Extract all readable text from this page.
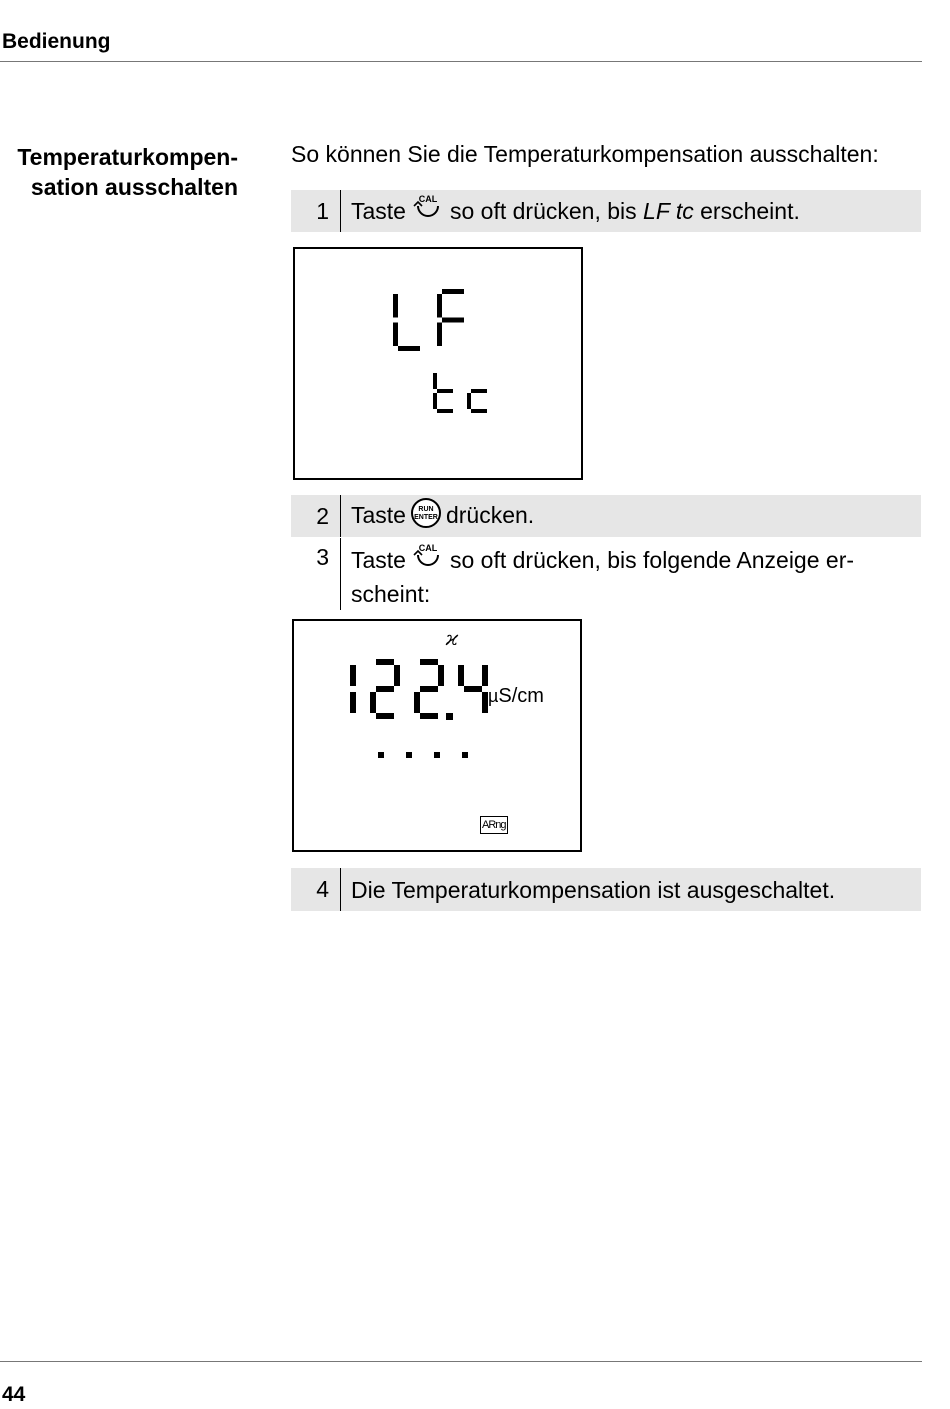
Bedienung
Temperaturkompen-
sation ausschalten
So können Sie die Temperaturkompensation ausschalten:
1 Taste CAL so oft drücken, bis LF tc erscheint.
2 Taste RUN
ENTER drücken.
3 Taste CAL so oft drücken, bis folgende Anzeige er-
scheint:
ϰ
µS/cm
ARng
4 Die Temperaturkompensation ist ausgeschaltet.
44
